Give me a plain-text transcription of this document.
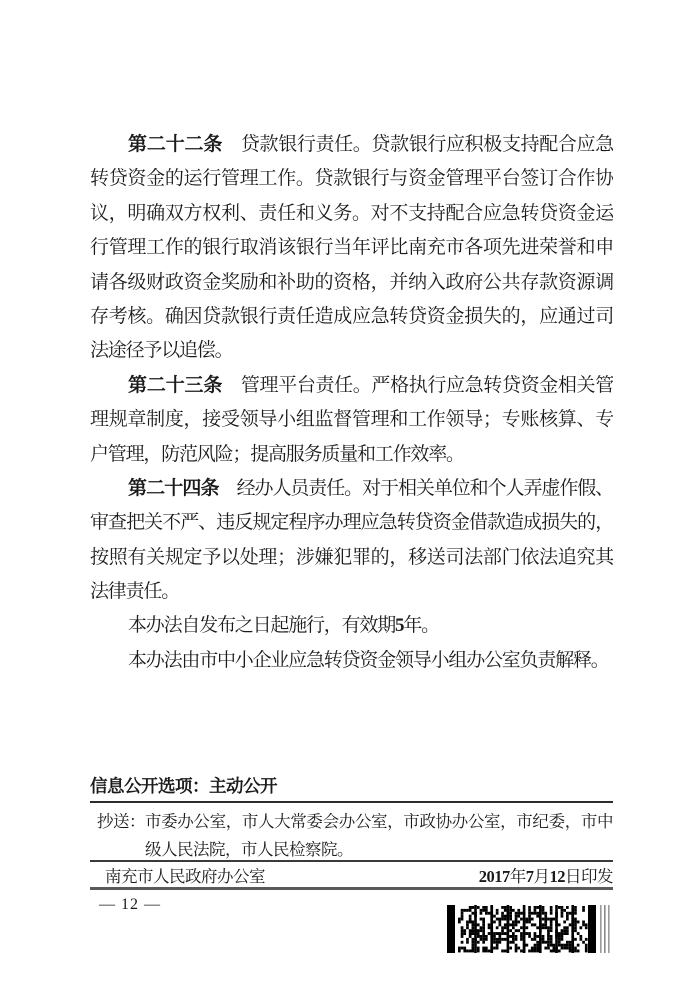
第二十二条　贷款银行责任。贷款银行应积极支持配合应急
转贷资金的运行管理工作。贷款银行与资金管理平台签订合作协
议，明确双方权利、责任和义务。对不支持配合应急转贷资金运
行管理工作的银行取消该银行当年评比南充市各项先进荣誉和申
请各级财政资金奖励和补助的资格，并纳入政府公共存款资源调
存考核。确因贷款银行责任造成应急转贷资金损失的，应通过司
法途径予以追偿。
第二十三条　管理平台责任。严格执行应急转贷资金相关管
理规章制度，接受领导小组监督管理和工作领导；专账核算、专
户管理，防范风险；提高服务质量和工作效率。
第二十四条　经办人员责任。对于相关单位和个人弄虚作假、
审查把关不严、违反规定程序办理应急转贷资金借款造成损失的，
按照有关规定予以处理；涉嫌犯罪的，移送司法部门依法追究其
法律责任。
本办法自发布之日起施行，有效期5年。
本办法由市中小企业应急转贷资金领导小组办公室负责解释。
信息公开选项：主动公开
抄送： 市委办公室，市人大常委会办公室，市政协办公室，市纪委，市中
级人民法院，市人民检察院。
南充市人民政府办公室	2017年7月12日印发
— 12 —
